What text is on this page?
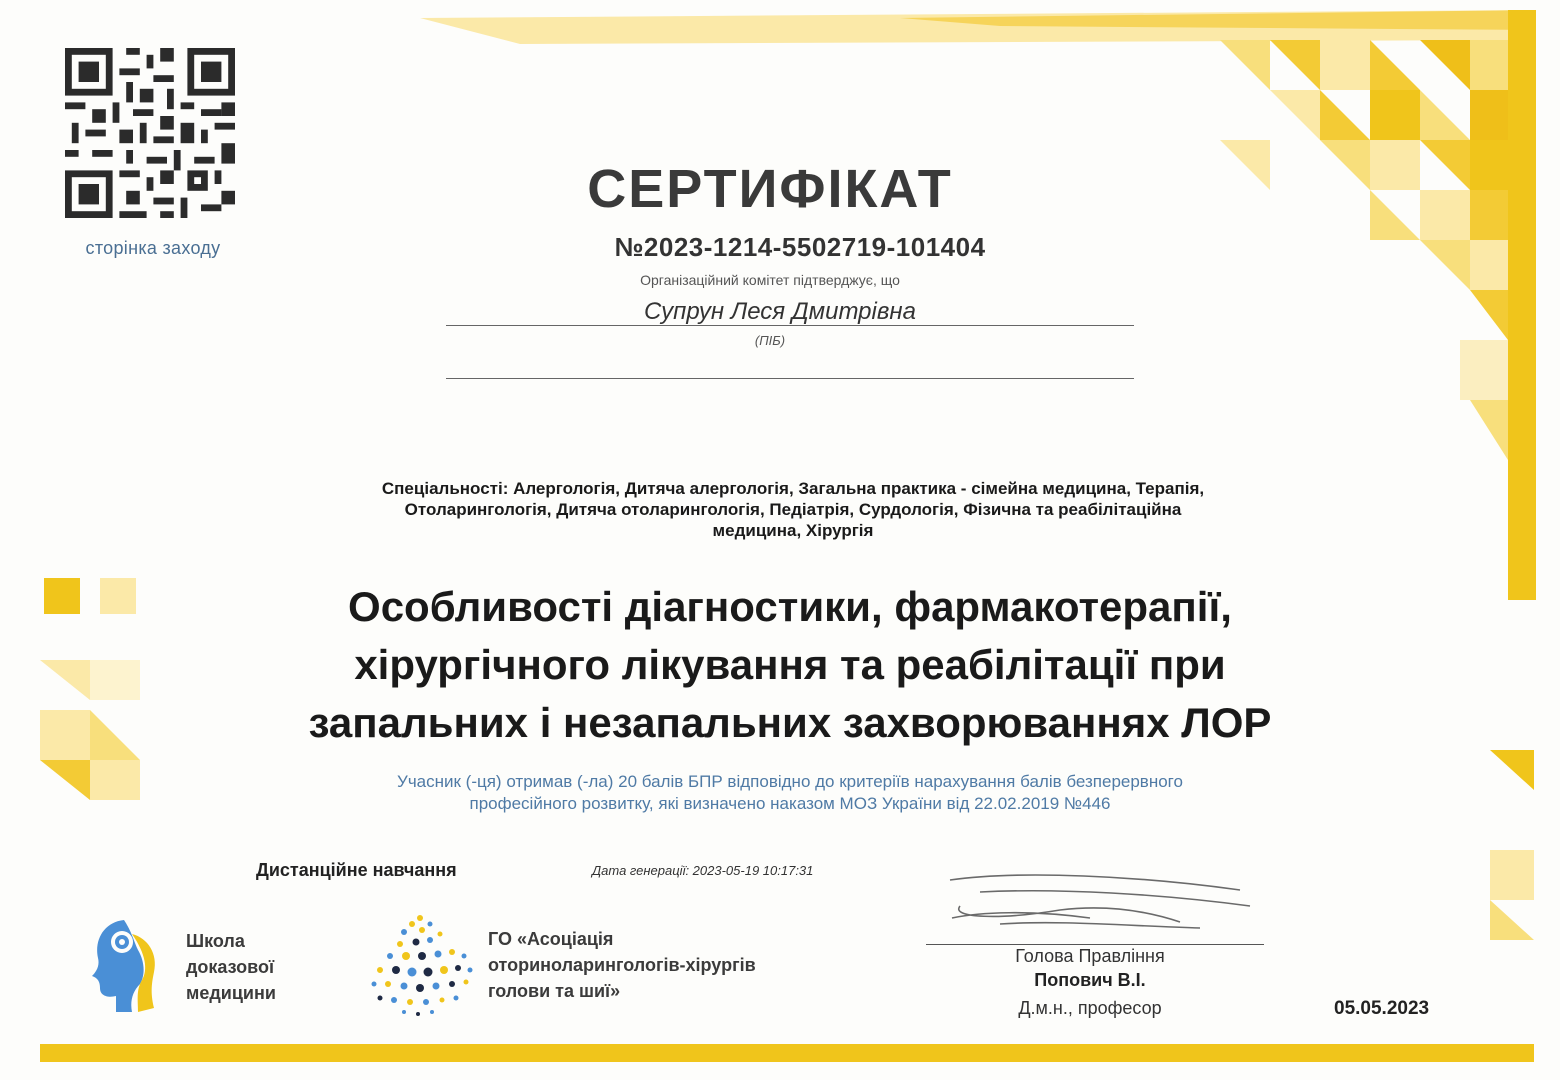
сторінка заходу
СЕРТИФІКАТ
№2023-1214-5502719-101404
Організаційний комітет підтверджує, що
Супрун Леся Дмитрівна
(ПІБ)
Спеціальності: Алергологія, Дитяча алергологія, Загальна практика - сімейна медицина, Терапія,
Отоларингологія, Дитяча отоларингологія, Педіатрія, Сурдологія, Фізична та реабілітаційна
медицина, Хірургія
Особливості діагностики, фармакотерапії,
хірургічного лікування та реабілітації при
запальних і незапальних захворюваннях ЛОР
Учасник (-ця) отримав (-ла) 20 балів БПР відповідно до критеріїв нарахування балів безперервного
професійного розвитку, які визначено наказом МОЗ України від 22.02.2019 №446
Дистанційне навчання	Дата генерації: 2023-05-19 10:17:31
Школа
доказової
медицини
ГО «Асоціація
оториноларингологів-хірургів
голови та шиї»
Голова Правління
Попович В.І.
Д.м.н., професор	05.05.2023
